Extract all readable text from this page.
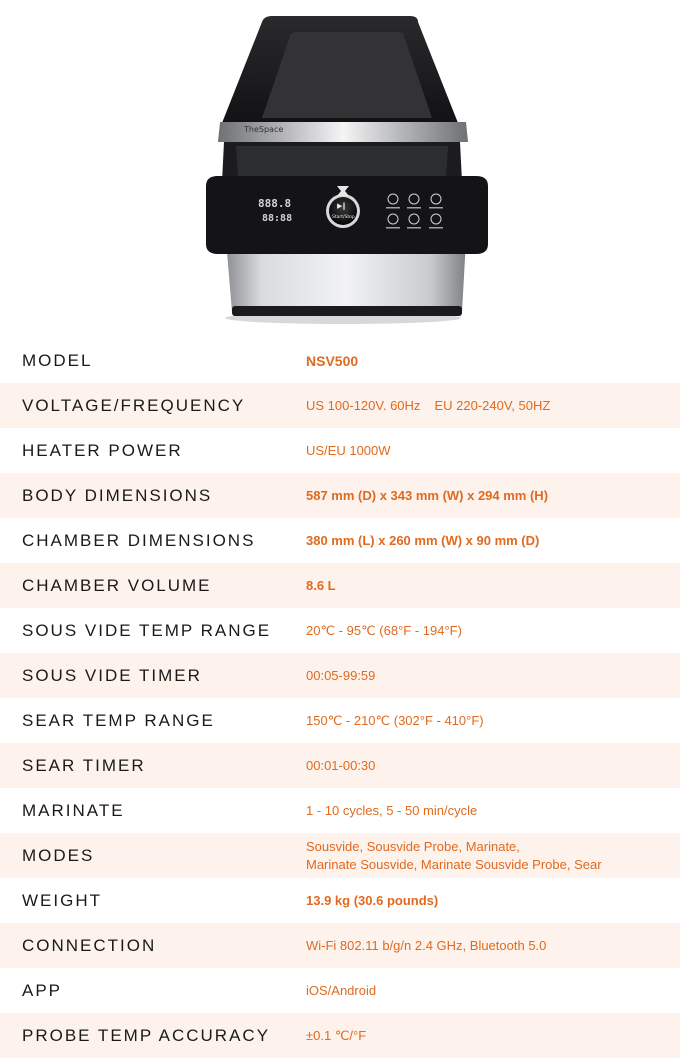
TheSpace
888.8
88:88
▶‖
Start/Stop
MODEL	NSV500
VOLTAGE/FREQUENCY	US 100-120V. 60Hz EU 220-240V, 50HZ
HEATER POWER	US/EU 1000W
BODY DIMENSIONS	587 mm (D) x 343 mm (W) x 294 mm (H)
CHAMBER DIMENSIONS	380 mm (L) x 260 mm (W) x 90 mm (D)
CHAMBER VOLUME	8.6 L
SOUS VIDE TEMP RANGE	20℃ - 95℃ (68°F - 194°F)
SOUS VIDE TIMER	00:05-99:59
SEAR TEMP RANGE	150℃ - 210℃ (302°F - 410°F)
SEAR TIMER	00:01-00:30
MARINATE	1 - 10 cycles, 5 - 50 min/cycle
MODES	Sousvide, Sousvide Probe, Marinate,
Marinate Sousvide, Marinate Sousvide Probe, Sear
WEIGHT	13.9 kg (30.6 pounds)
CONNECTION	Wi-Fi 802.11 b/g/n 2.4 GHz, Bluetooth 5.0
APP	iOS/Android
PROBE TEMP ACCURACY	±0.1 ℃/°F
